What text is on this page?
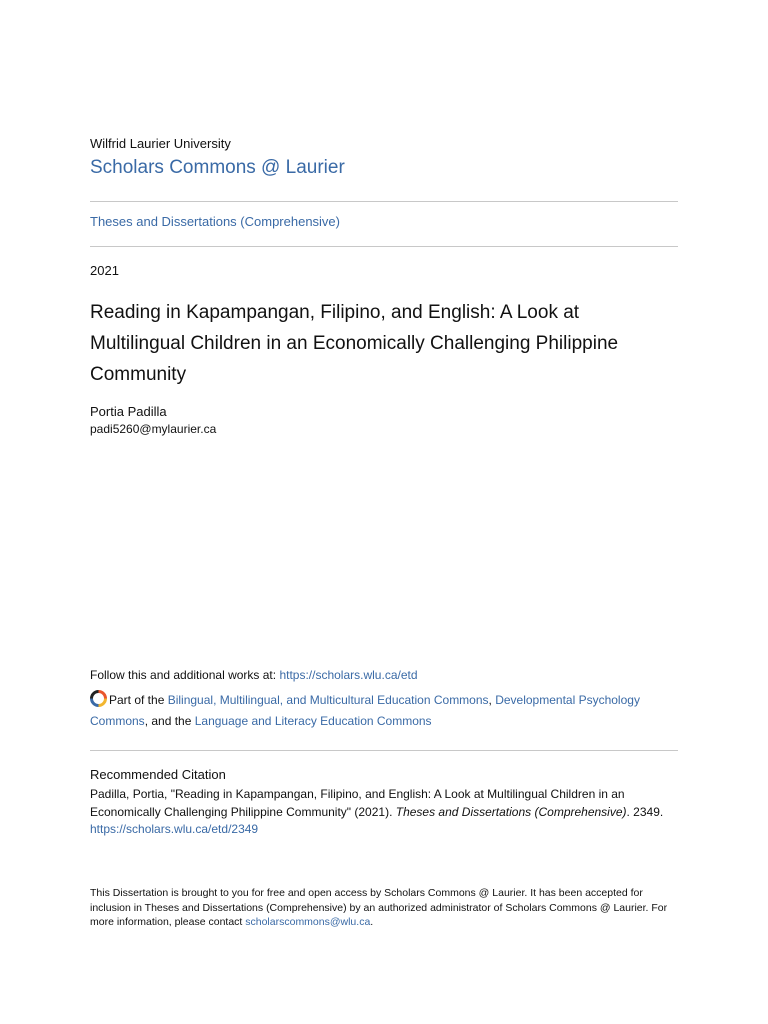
Wilfrid Laurier University
Scholars Commons @ Laurier
Theses and Dissertations (Comprehensive)
2021
Reading in Kapampangan, Filipino, and English: A Look at Multilingual Children in an Economically Challenging Philippine Community
Portia Padilla
padi5260@mylaurier.ca
Follow this and additional works at: https://scholars.wlu.ca/etd
Part of the Bilingual, Multilingual, and Multicultural Education Commons, Developmental Psychology Commons, and the Language and Literacy Education Commons
Recommended Citation
Padilla, Portia, "Reading in Kapampangan, Filipino, and English: A Look at Multilingual Children in an Economically Challenging Philippine Community" (2021). Theses and Dissertations (Comprehensive). 2349.
https://scholars.wlu.ca/etd/2349
This Dissertation is brought to you for free and open access by Scholars Commons @ Laurier. It has been accepted for inclusion in Theses and Dissertations (Comprehensive) by an authorized administrator of Scholars Commons @ Laurier. For more information, please contact scholarscommons@wlu.ca.
